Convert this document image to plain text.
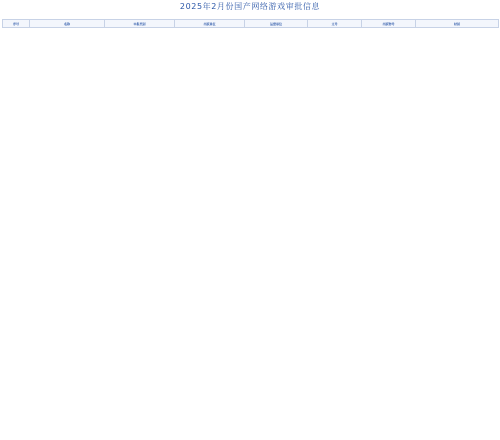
2025年2月份国产网络游戏审批信息
序号	名称	申报类别	出版单位	运营单位	文号	出版物号	时间
